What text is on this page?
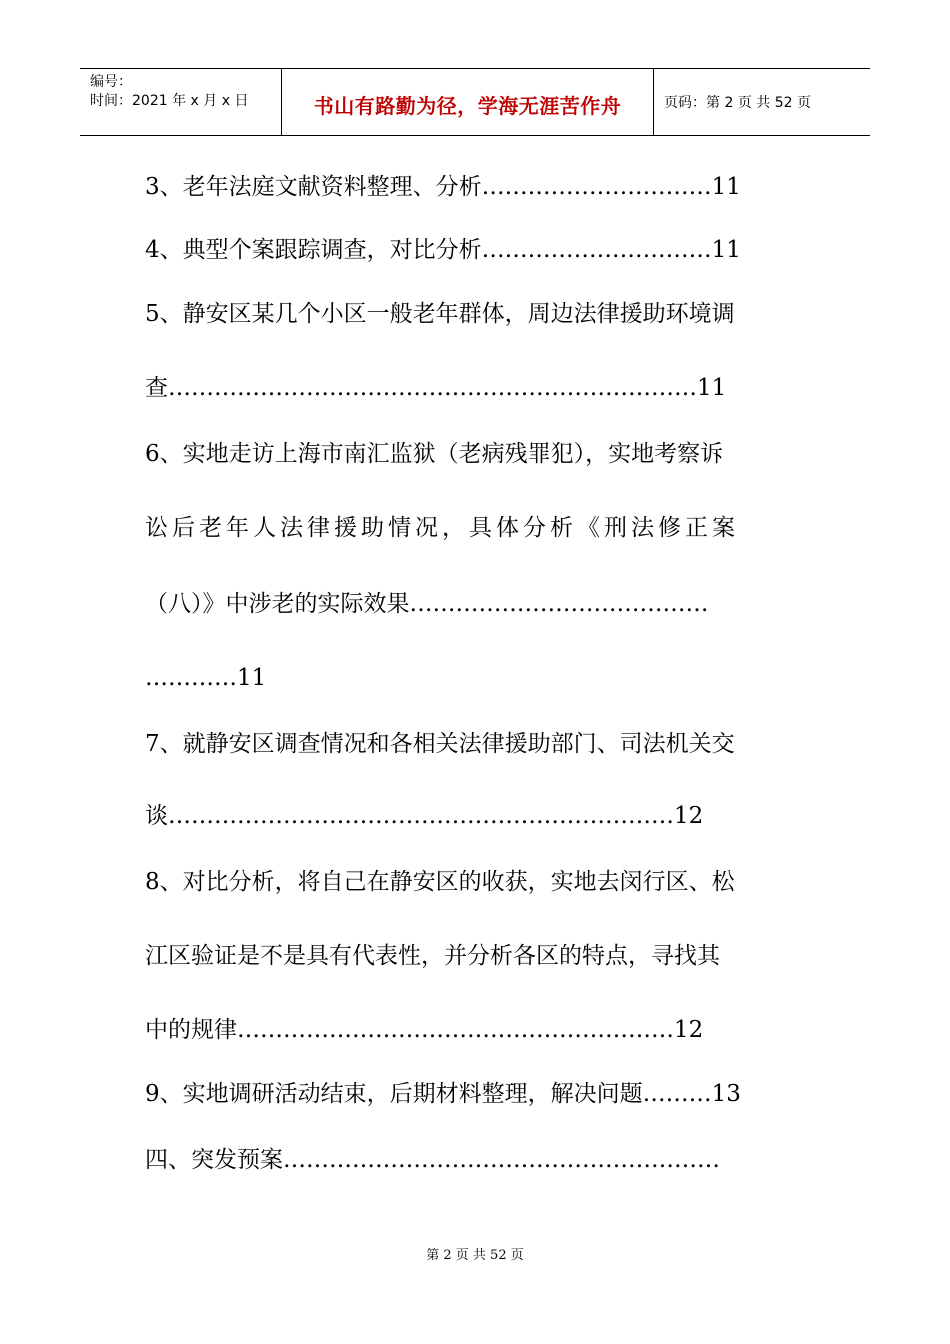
编号：
时间：2021 年 x 月 x 日	书山有路勤为径，学海无涯苦作舟	页码：第 2 页 共 52 页
3、老年法庭文献资料整理、分析…………………………11
4、典型个案跟踪调查，对比分析…………………………11
5、静安区某几个小区一般老年群体，周边法律援助环境调
查……………………………………………………………11
6、实地走访上海市南汇监狱（老病残罪犯），实地考察诉
讼后老年人法律援助情况，具体分析《刑法修正案
（八）》中涉老的实际效果…………………………………
…………11
7、就静安区调查情况和各相关法律援助部门、司法机关交
谈…………………………………………………………12
8、对比分析，将自己在静安区的收获，实地去闵行区、松
江区验证是不是具有代表性，并分析各区的特点，寻找其
中的规律…………………………………………………12
9、实地调研活动结束，后期材料整理，解决问题………13
四、突发预案…………………………………………………
第 2 页 共 52 页
